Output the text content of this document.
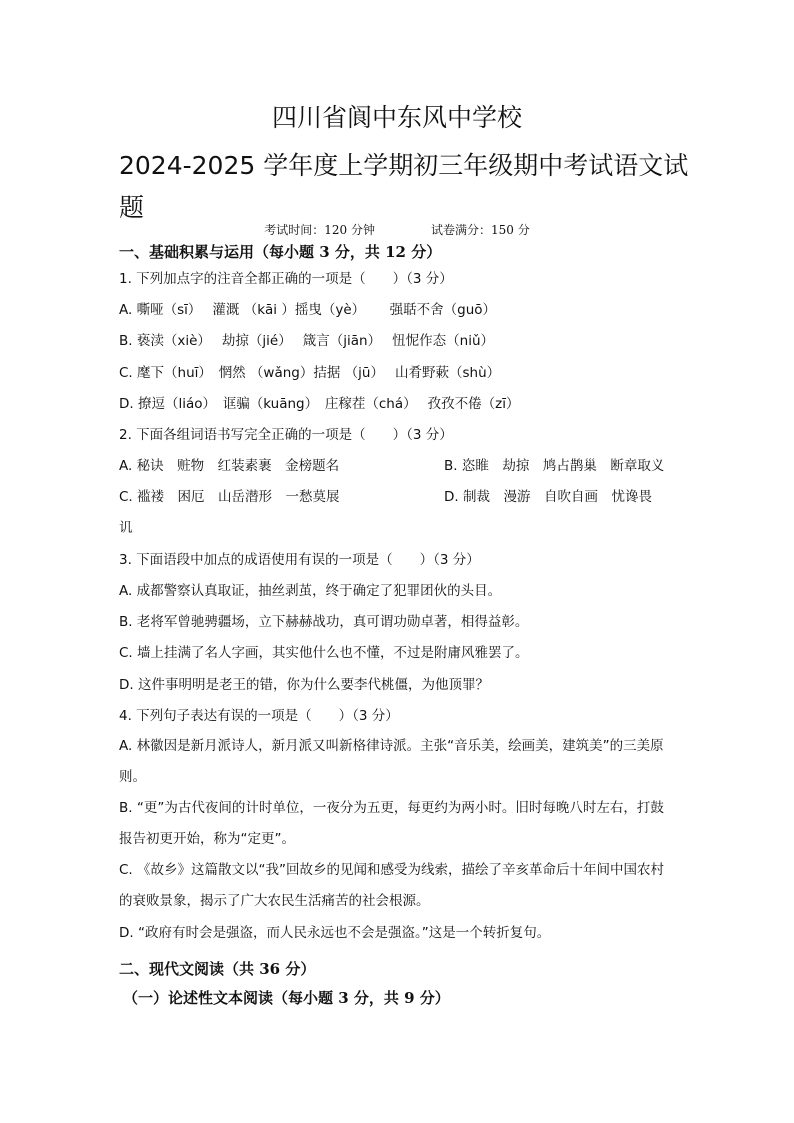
四川省阆中东风中学校
2024-2025 学年度上学期初三年级期中考试语文试题
考试时间：120 分钟	试卷满分：150 分
一、基础积累与运用（每小题 3 分，共 12 分）
1. 下列加点字的注音全都正确的一项是（　　）（3 分）
A. 嘶哑（sī）　 灌溉 （kāi ）摇曳（yè）　　 强聒不舍（guō）
B. 亵渎（xiè）　 劫掠（jié）　 箴言（jiān）　 忸怩作态（niǔ）
C. 麾下（huī）　惘然 （wǎng）拮据 （jū）　 山肴野蔌（shù）
D. 撩逗（liáo）　诓骗（kuāng）　庄稼茬（chá）　 孜孜不倦（zī）
2. 下面各组词语书写完全正确的一项是（　　）（3 分）
A. 秘诀　赃物　红装素裹　金榜题名	B. 恣睢　劫掠　鸠占鹊巢　断章取义
C. 褴褛　困厄　山岳潜形　一愁莫展	D. 制裁　漫游　自吹自画　忧谗畏
讥
3. 下面语段中加点的成语使用有误的一项是（　　）（3 分）
A. 成都警察认真取证，抽丝剥茧，终于确定了犯罪团伙的头目。
B. 老将军曾驰骋疆场，立下赫赫战功，真可谓功勋卓著，相得益彰。
C. 墙上挂满了名人字画，其实他什么也不懂，不过是附庸风雅罢了。
D. 这件事明明是老王的错，你为什么要李代桃僵，为他顶罪？
4. 下列句子表达有误的一项是（　　）（3 分）
A. 林徽因是新月派诗人，新月派又叫新格律诗派。主张“音乐美，绘画美，建筑美”的三美原则。
B. “更”为古代夜间的计时单位，一夜分为五更，每更约为两小时。旧时每晚八时左右，打鼓报告初更开始，称为“定更”。
C. 《故乡》这篇散文以“我”回故乡的见闻和感受为线索，描绘了辛亥革命后十年间中国农村的衰败景象，揭示了广大农民生活痛苦的社会根源。
D. “政府有时会是强盗，而人民永远也不会是强盗。”这是一个转折复句。
二、现代文阅读（共 36 分）
（一）论述性文本阅读（每小题 3 分，共 9 分）
